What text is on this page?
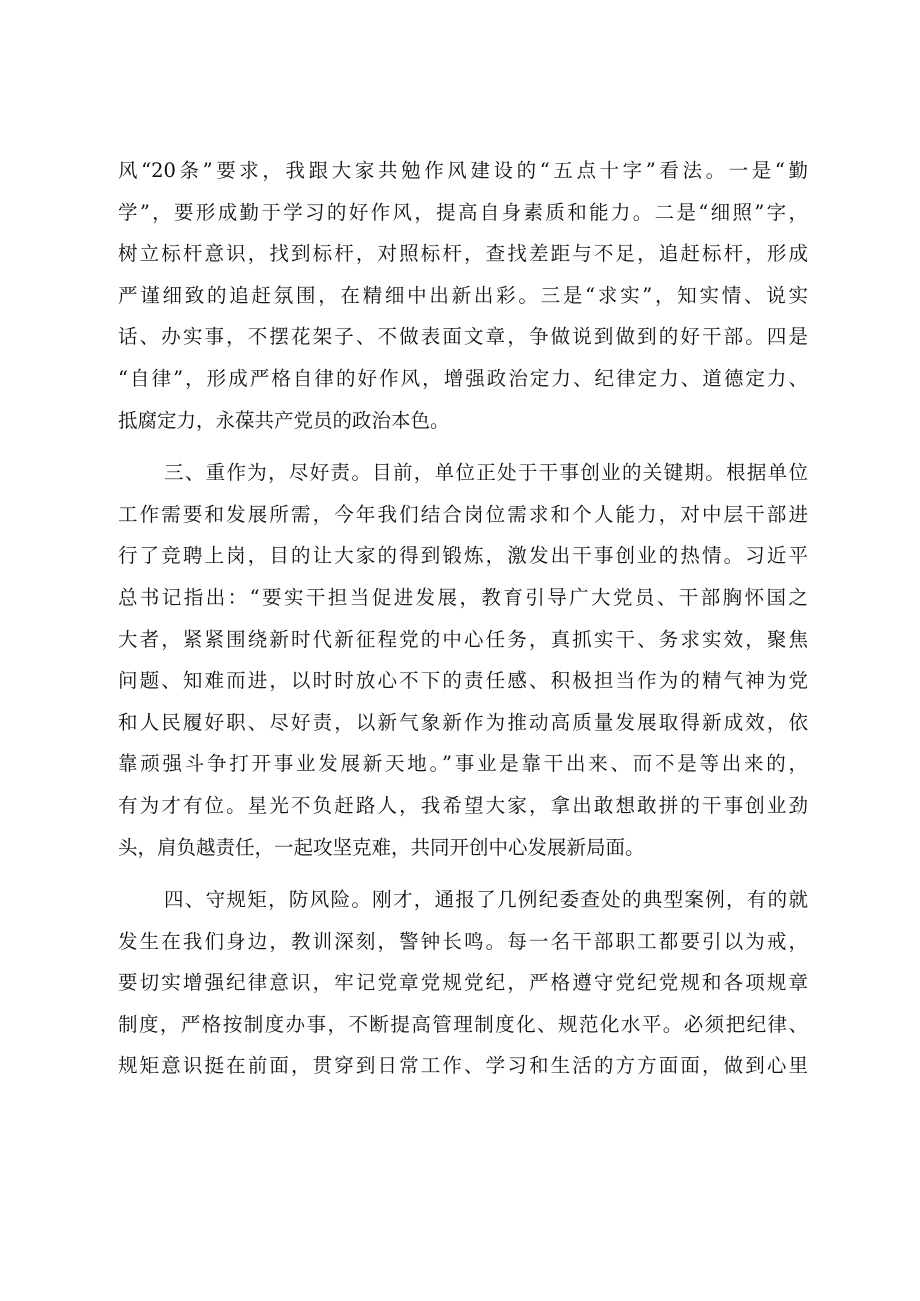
风“20条”要求，我跟大家共勉作风建设的“五点十字”看法。一是“勤
学”，要形成勤于学习的好作风，提高自身素质和能力。二是“细照”字，
树立标杆意识，找到标杆，对照标杆，查找差距与不足，追赶标杆，形成
严谨细致的追赶氛围，在精细中出新出彩。三是“求实”，知实情、说实
话、办实事，不摆花架子、不做表面文章，争做说到做到的好干部。四是
“自律”，形成严格自律的好作风，增强政治定力、纪律定力、道德定力、
抵腐定力，永葆共产党员的政治本色。
三、重作为，尽好责。目前，单位正处于干事创业的关键期。根据单位
工作需要和发展所需，今年我们结合岗位需求和个人能力，对中层干部进
行了竞聘上岗，目的让大家的得到锻炼，激发出干事创业的热情。习近平
总书记指出：“要实干担当促进发展，教育引导广大党员、干部胸怀国之
大者，紧紧围绕新时代新征程党的中心任务，真抓实干、务求实效，聚焦
问题、知难而进，以时时放心不下的责任感、积极担当作为的精气神为党
和人民履好职、尽好责，以新气象新作为推动高质量发展取得新成效，依
靠顽强斗争打开事业发展新天地。”事业是靠干出来、而不是等出来的，
有为才有位。星光不负赶路人，我希望大家，拿出敢想敢拼的干事创业劲
头，肩负越责任，一起攻坚克难，共同开创中心发展新局面。
四、守规矩，防风险。刚才，通报了几例纪委查处的典型案例，有的就
发生在我们身边，教训深刻，警钟长鸣。每一名干部职工都要引以为戒，
要切实增强纪律意识，牢记党章党规党纪，严格遵守党纪党规和各项规章
制度，严格按制度办事，不断提高管理制度化、规范化水平。必须把纪律、
规矩意识挺在前面，贯穿到日常工作、学习和生活的方方面面，做到心里
